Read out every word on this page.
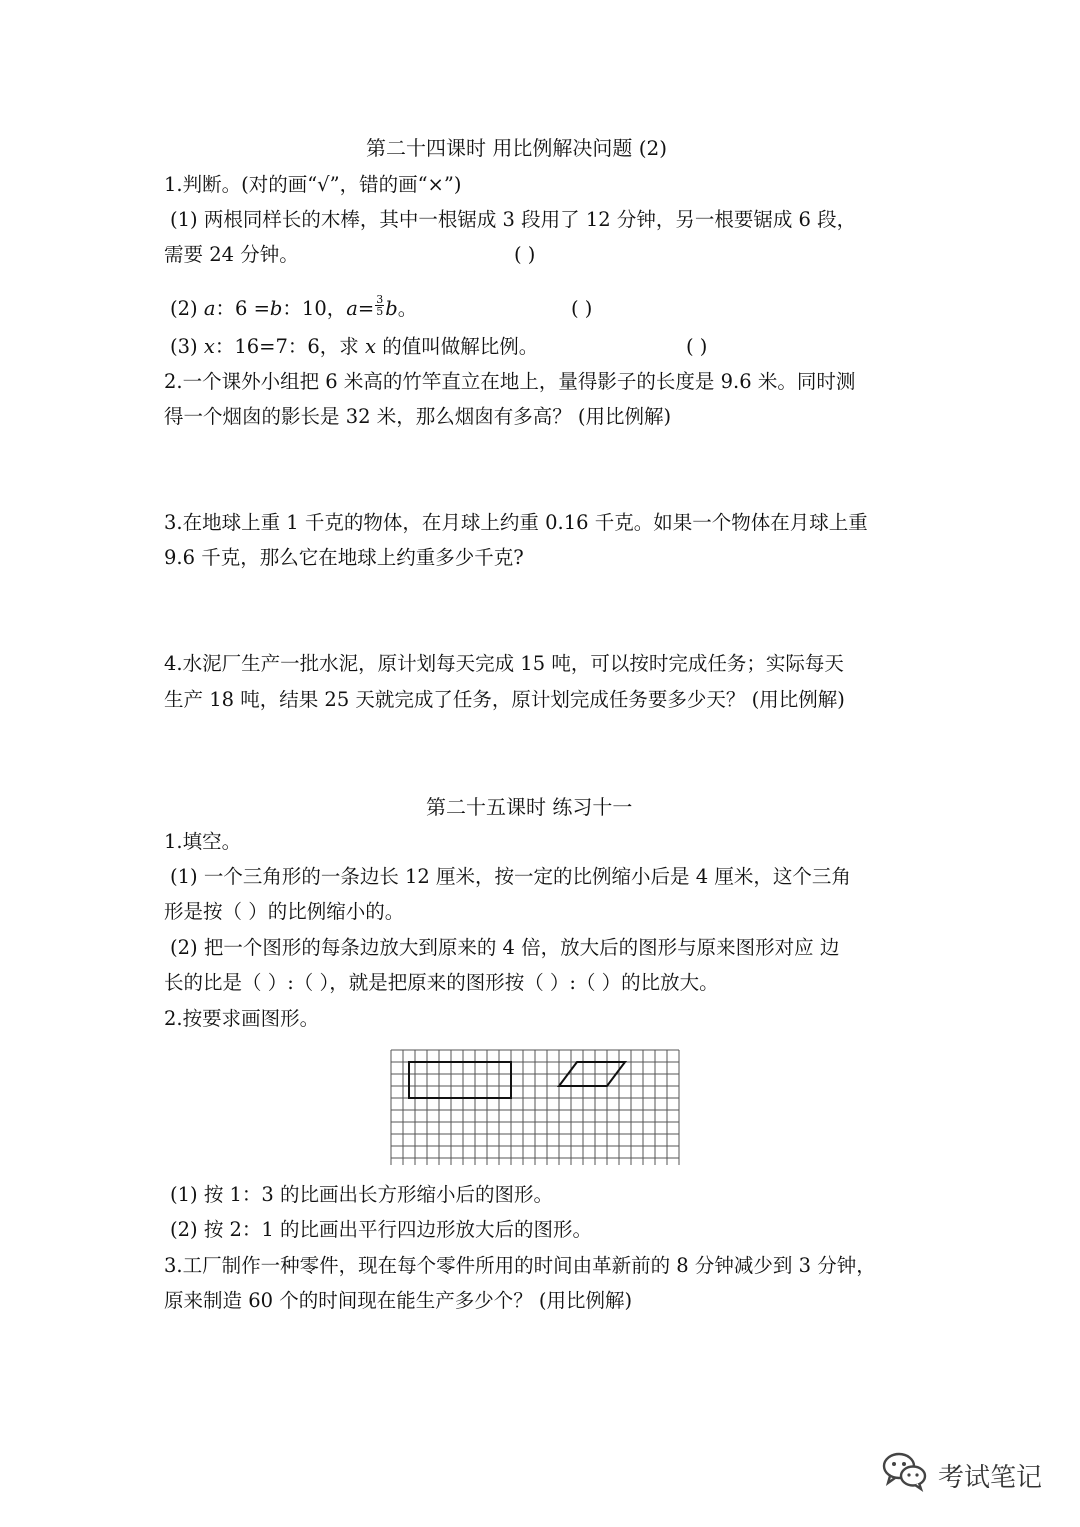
第二十四课时 用比例解决问题 (2)
1.判断。(对的画“√”，错的画“×”)
(1) 两根同样长的木棒，其中一根锯成 3 段用了 12 分钟，另一根要锯成 6 段，
需要 24 分钟。	( )
(2) a：6 =b：10，$a= \frac{3}{5}$ b。	( )
(3) x：16=7：6，求 x 的值叫做解比例。	( )
2.一个课外小组把 6 米高的竹竿直立在地上，量得影子的长度是 9.6 米。同时测
得一个烟囱的影长是 32 米，那么烟囱有多高？ (用比例解)
3.在地球上重 1 千克的物体，在月球上约重 0.16 千克。如果一个物体在月球上重
9.6 千克，那么它在地球上约重多少千克?
4.水泥厂生产一批水泥，原计划每天完成 15 吨，可以按时完成任务；实际每天
生产 18 吨，结果 25 天就完成了任务，原计划完成任务要多少天？ (用比例解)
第二十五课时 练习十一
1.填空。
(1) 一个三角形的一条边长 12 厘米，按一定的比例缩小后是 4 厘米，这个三角
形是按（ ）的比例缩小的。
(2) 把一个图形的每条边放大到原来的 4 倍，放大后的图形与原来图形对应 边
长的比是（ ）:（ ），就是把原来的图形按（ ）:（ ）的比放大。
2.按要求画图形。
(1) 按 1：3 的比画出长方形缩小后的图形。
(2) 按 2：1 的比画出平行四边形放大后的图形。
3.工厂制作一种零件，现在每个零件所用的时间由革新前的 8 分钟减少到 3 分钟，
原来制造 60 个的时间现在能生产多少个？ (用比例解)
考试笔记
